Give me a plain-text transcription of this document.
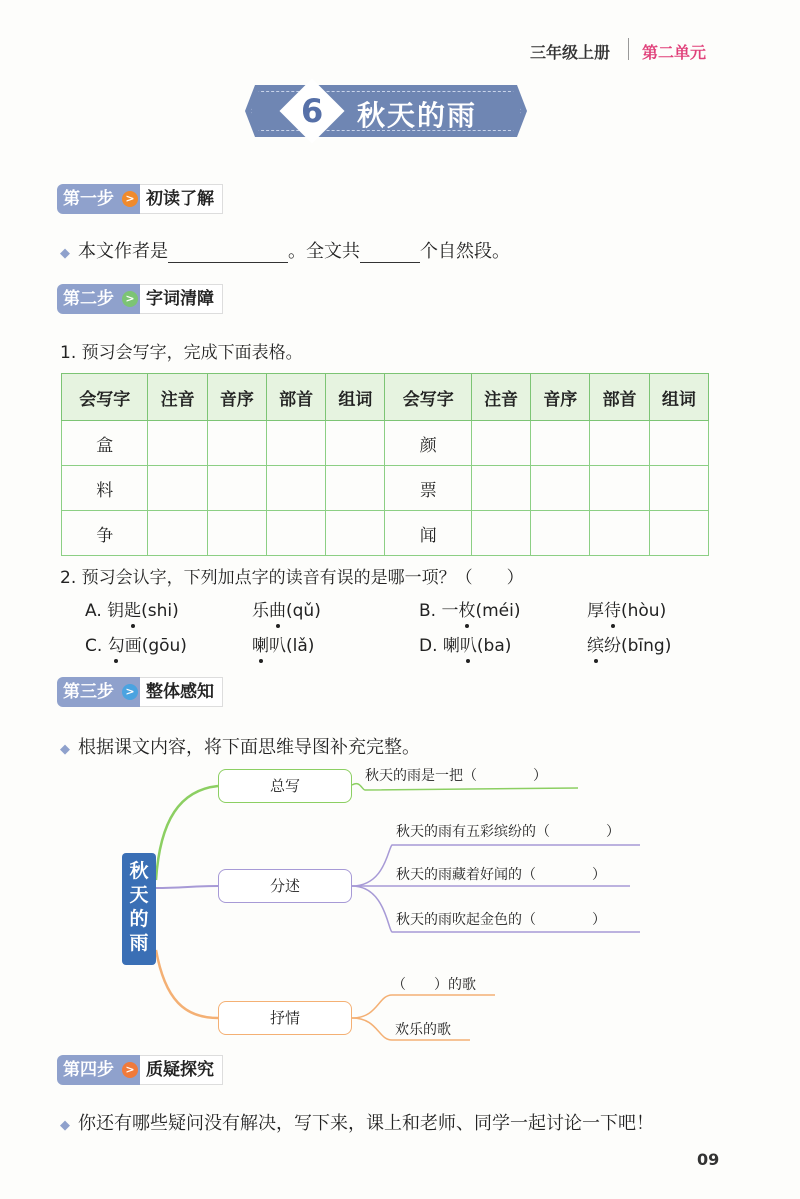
三年级上册 第二单元
6	秋天的雨
第一步	> 初读了解
◆ 本文作者是	。全文共	个自然段。
第二步	> 字词清障
1. 预习会写字，完成下面表格。
会写字	注音	音序	部首	组词	会写字	注音	音序	部首	组词
盒					颜				
料					票				
争					闻				
2. 预习会认字，下列加点字的读音有误的是哪一项？（　　）
A. 钥匙(shi)	乐曲(qǔ)	B. 一枚(méi)	厚待(hòu)
C. 勾画(gōu)	喇叭(lǎ)	D. 喇叭(ba)	缤纷(bīng)
第三步	> 整体感知
◆ 根据课文内容，将下面思维导图补充完整。
秋天的雨
总写
分述
抒情
秋天的雨是一把（　　　　）
秋天的雨有五彩缤纷的（　　　　）
秋天的雨藏着好闻的（　　　　）
秋天的雨吹起金色的（　　　　）
（　　）的歌
欢乐的歌
第四步	> 质疑探究
◆ 你还有哪些疑问没有解决，写下来，课上和老师、同学一起讨论一下吧！
09
